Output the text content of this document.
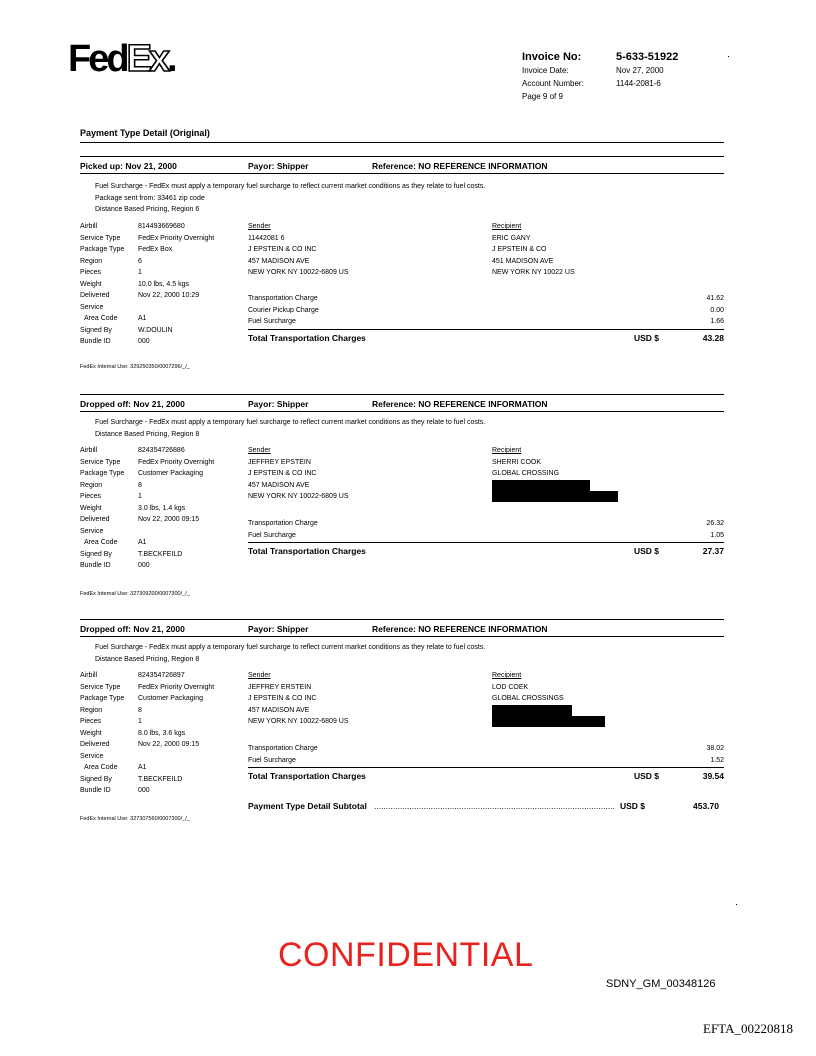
FedEx.	Invoice No:	5-633-51922
Invoice Date:	Nov 27, 2000
Account Number:	1144-2081-6
Page 9 of 9
Payment Type Detail (Original)
Picked up: Nov 21, 2000	Payor: Shipper	Reference: NO REFERENCE INFORMATION
Fuel Surcharge - FedEx must apply a temporary fuel surcharge to reflect current market conditions as they relate to fuel costs.
Package sent from: 33461 zip code
Distance Based Pricing, Region 6
Airbill	814493669680
Service Type	FedEx Priority Overnight
Package Type	FedEx Box
Region	6
Pieces	1
Weight	10.0 lbs, 4.5 kgs
Delivered	Nov 22, 2000 10:29
Service
Area Code	A1
Signed By	W.DOULIN
Bundle ID	000
Sender
11442081 6
J EPSTEIN & CO INC
457 MADISON AVE
NEW YORK NY 10022-6809 US
Recipient
ERIC GANY
J EPSTEIN & CO
451 MADISON AVE
NEW YORK NY 10022 US
Transportation Charge	41.62
Courier Pickup Charge	0.00
Fuel Surcharge	1.66
Total Transportation Charges	USD $	43.28
FedEx Internal Use: 329250350/0007296/_/_
Dropped off: Nov 21, 2000	Payor: Shipper	Reference: NO REFERENCE INFORMATION
Fuel Surcharge - FedEx must apply a temporary fuel surcharge to reflect current market conditions as they relate to fuel costs.
Distance Based Pricing, Region 8
Airbill	824354726886
Service Type	FedEx Priority Overnight
Package Type	Customer Packaging
Region	8
Pieces	1
Weight	3.0 lbs, 1.4 kgs
Delivered	Nov 22, 2000 09:15
Service
Area Code	A1
Signed By	T.BECKFEILD
Bundle ID	000
Sender
JEFFREY EPSTEIN
J EPSTEIN & CO INC
457 MADISON AVE
NEW YORK NY 10022-6809 US
Recipient
SHERRI COOK
GLOBAL CROSSING
Transportation Charge	26.32
Fuel Surcharge	1.05
Total Transportation Charges	USD $	27.37
FedEx Internal Use: 327309200/0007300/_/_
Dropped off: Nov 21, 2000	Payor: Shipper	Reference: NO REFERENCE INFORMATION
Fuel Surcharge - FedEx must apply a temporary fuel surcharge to reflect current market conditions as they relate to fuel costs.
Distance Based Pricing, Region 8
Airbill	824354726897
Service Type	FedEx Priority Overnight
Package Type	Customer Packaging
Region	8
Pieces	1
Weight	8.0 lbs, 3.6 kgs
Delivered	Nov 22, 2000 09:15
Service
Area Code	A1
Signed By	T.BECKFEILD
Bundle ID	000
Sender
JEFFREY ERSTEIN
J EPSTEIN & CO INC
457 MADISON AVE
NEW YORK NY 10022-6809 US
Recipient
LOD COEK
GLOBAL CROSSINGS
Transportation Charge	38.02
Fuel Surcharge	1.52
Total Transportation Charges	USD $	39.54
FedEx Internal Use: 327307560/0007300/_/_
Payment Type Detail Subtotal ...................................................................................................... USD $	453.70
CONFIDENTIAL
SDNY_GM_00348126
EFTA_00220818
